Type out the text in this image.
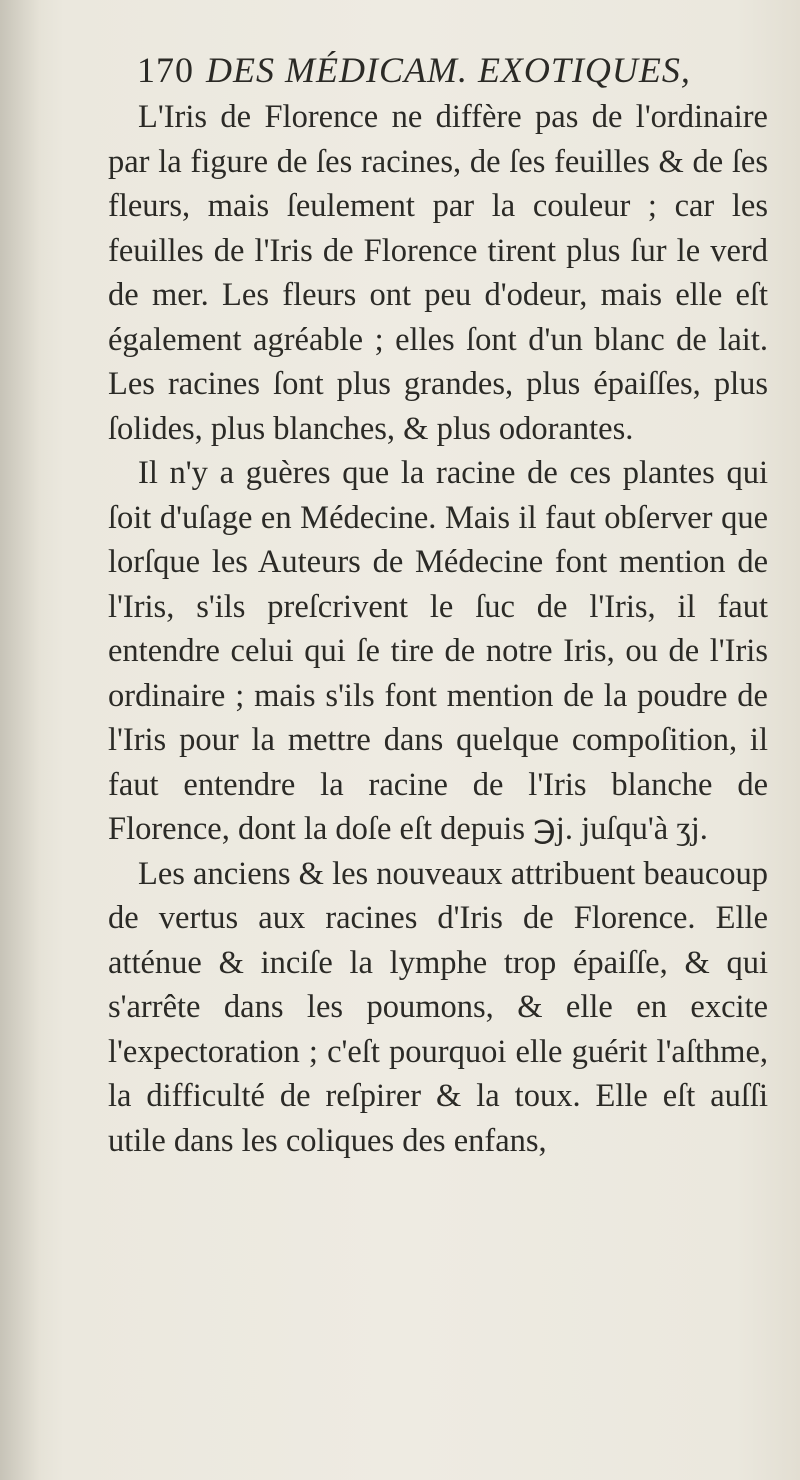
170 DES MÉDICAM. EXOTIQUES,

L'Iris de Florence ne diffère pas de l'ordinaire par la figure de ſes racines, de ſes feuilles & de ſes fleurs, mais ſeulement par la couleur ; car les feuilles de l'Iris de Florence tirent plus ſur le verd de mer. Les fleurs ont peu d'odeur, mais elle eſt également agréable ; elles ſont d'un blanc de lait. Les racines ſont plus grandes, plus épaiſſes, plus ſolides, plus blanches, & plus odorantes.

Il n'y a guères que la racine de ces plantes qui ſoit d'uſage en Médecine. Mais il faut obſerver que lorſque les Auteurs de Médecine font mention de l'Iris, s'ils preſcrivent le ſuc de l'Iris, il faut entendre celui qui ſe tire de notre Iris, ou de l'Iris ordinaire ; mais s'ils font mention de la poudre de l'Iris pour la mettre dans quelque compoſition, il faut entendre la racine de l'Iris blanche de Florence, dont la doſe eſt depuis ℈j. juſqu'à ʒj.

Les anciens & les nouveaux attribuent beaucoup de vertus aux racines d'Iris de Florence. Elle atténue & inciſe la lymphe trop épaiſſe, & qui s'arrête dans les poumons, & elle en excite l'expectoration ; c'eſt pourquoi elle guérit l'aſthme, la difficulté de reſpirer & la toux. Elle eſt auſſi utile dans les coliques des enfans,
